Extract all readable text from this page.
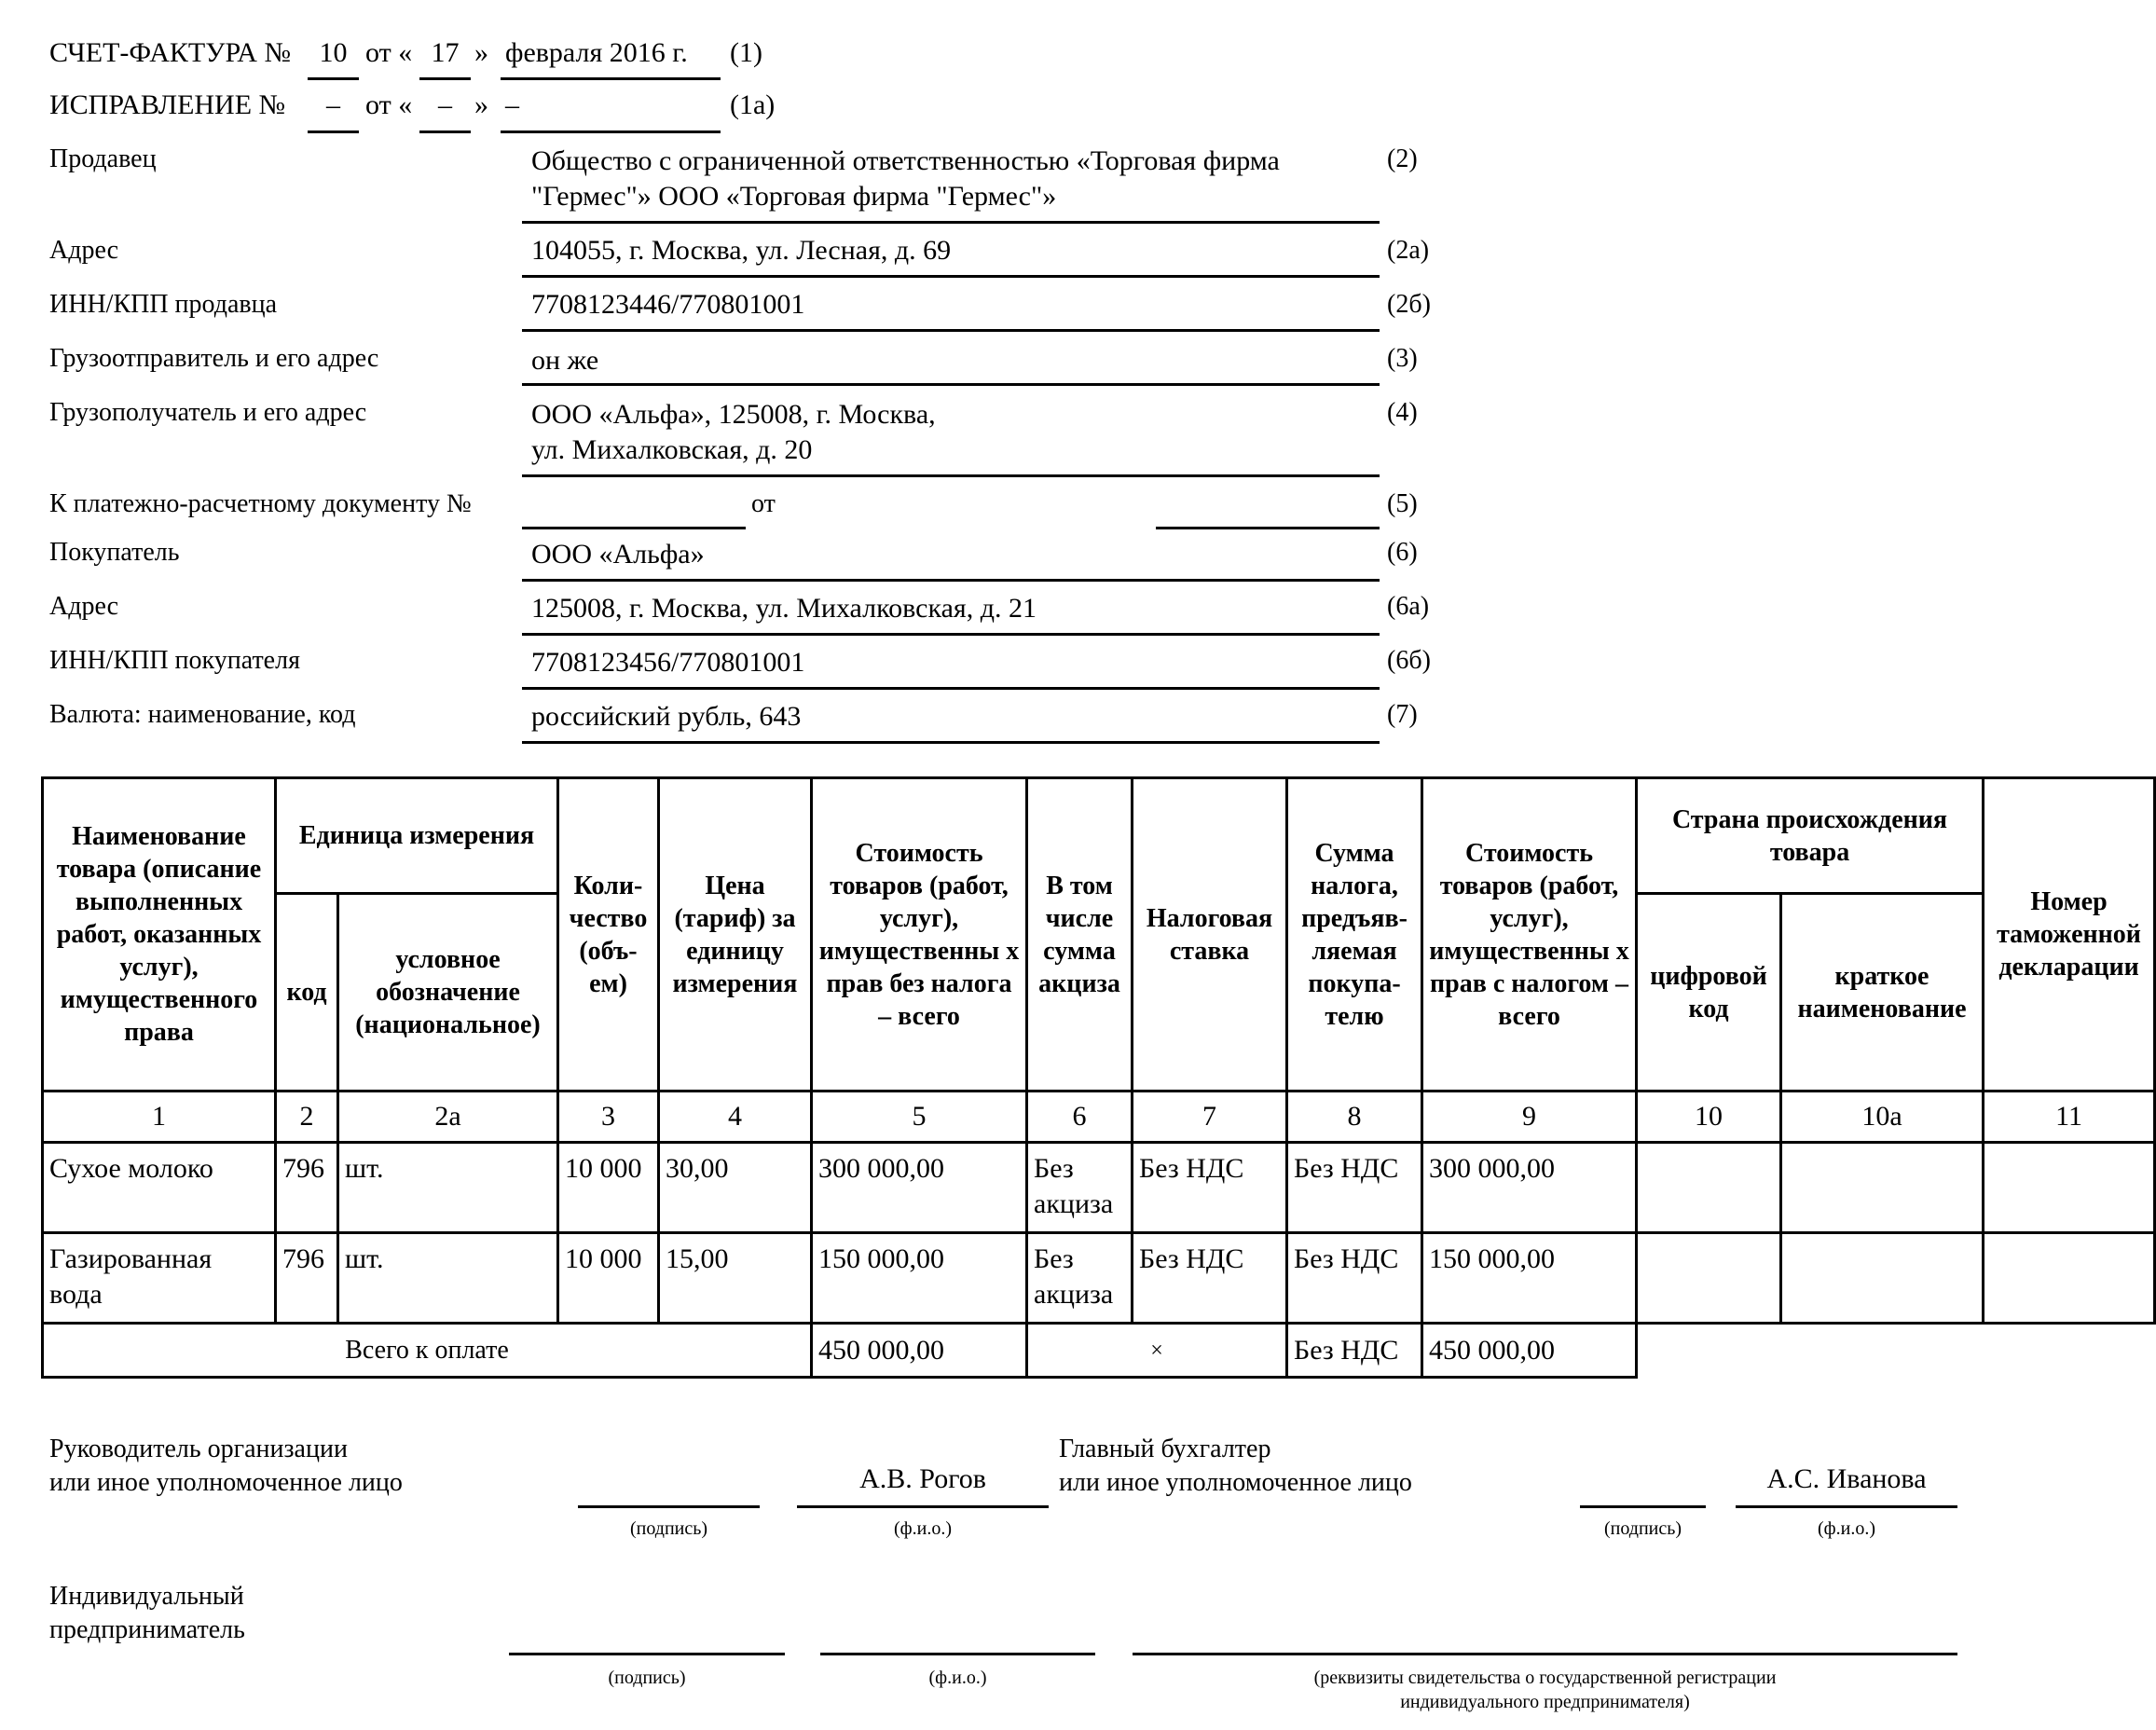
СЧЕТ-ФАКТУРА №	10 от « 17 » февраля 2016 г. (1)
ИСПРАВЛЕНИЕ №	– от « – » –	(1а)
Продавец	Общество с ограниченной ответственностью «Торговая фирма
"Гермес"» ООО «Торговая фирма "Гермес"»
(2)
Адрес	104055, г. Москва, ул. Лесная, д. 69	(2а)
ИНН/КПП продавца	7708123446/770801001	(2б)
Грузоотправитель и его адрес	он же	(3)
Грузополучатель и его адрес	ООО «Альфа», 125008, г. Москва,
ул. Михалковская, д. 20
(4)
К платежно-расчетному документу №	от	(5)
Покупатель	ООО «Альфа»	(6)
Адрес	125008, г. Москва, ул. Михалковская, д. 21	(6а)
ИНН/КПП покупателя	7708123456/770801001	(6б)
Валюта: наименование, код	российский рубль, 643	(7)
Наименование товара (описание выполненных работ, оказанных услуг), имущественного права	Единица измерения		Коли-чество (объ-ем)	Цена (тариф) за единицу измерения	Стоимость товаров (работ, услуг), имущественны х прав без налога – всего	В том числе сумма акциза	Налоговая ставка	Сумма налога, предъяв-ляемая покупа-телю	Стоимость товаров (работ, услуг), имущественны х прав с налогом – всего	Страна происхождения товара		Номер таможенной декларации
	код	условное обозначение (национальное)								цифровой код	краткое наименование	
1	2	2а	3	4	5	6	7	8	9	10	10а	11
Сухое молоко	796	шт.	10 000	30,00	300 000,00	Без акциза	Без НДС	Без НДС	300 000,00			
Газированная вода	796	шт.	10 000	15,00	150 000,00	Без акциза	Без НДС	Без НДС	150 000,00			
Всего к оплате					450 000,00	×		Без НДС	450 000,00			
Руководитель организации
или иное уполномоченное лицо
(подпись)
А.В. Рогов
(ф.и.о.)
Главный бухгалтер
или иное уполномоченное лицо
(подпись)
А.С. Иванова
(ф.и.о.)
Индивидуальный
предприниматель
(подпись)	(ф.и.о.)	(реквизиты свидетельства о государственной регистрации
индивидуального предпринимателя)
